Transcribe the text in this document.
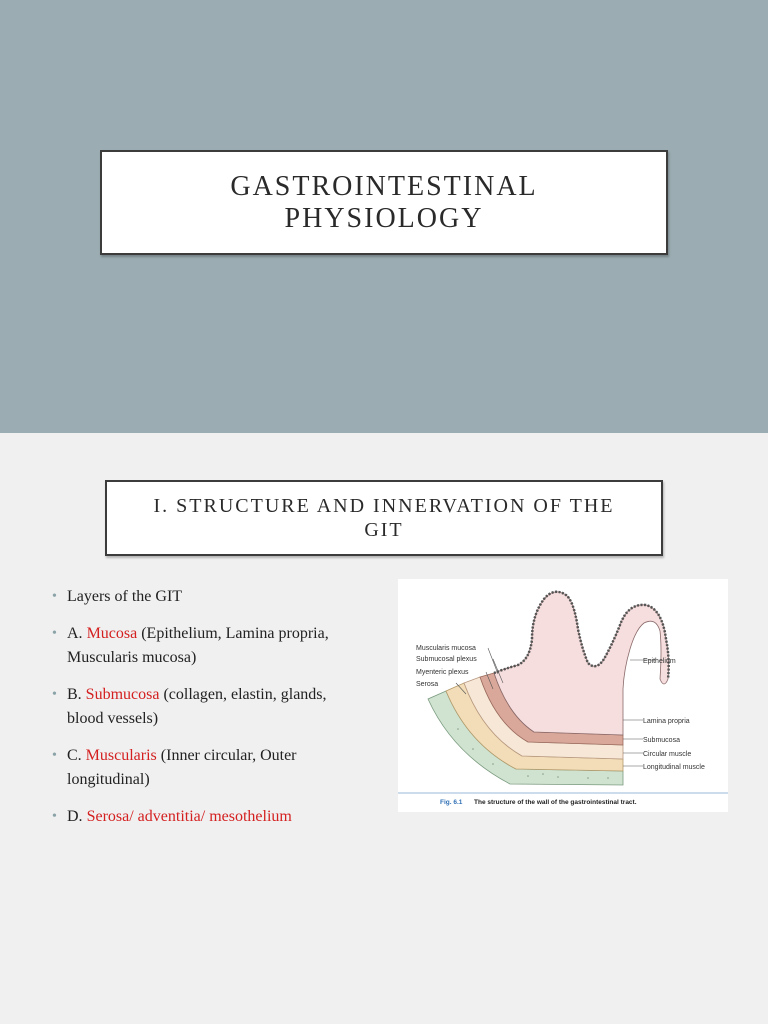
GASTROINTESTINAL
PHYSIOLOGY
I. STRUCTURE AND INNERVATION OF THE
GIT
• Layers of the GIT
• A. Mucosa (Epithelium, Lamina propria, Muscularis mucosa)
• B. Submucosa (collagen, elastin, glands, blood vessels)
• C. Muscularis (Inner circular, Outer longitudinal)
• D. Serosa/ adventitia/ mesothelium
Muscularis mucosa
Submucosal plexus
Myenteric plexus
Serosa
Epithelium
Lamina propria
Submucosa
Circular muscle
Longitudinal muscle
Fig. 6.1 The structure of the wall of the gastrointestinal tract.
